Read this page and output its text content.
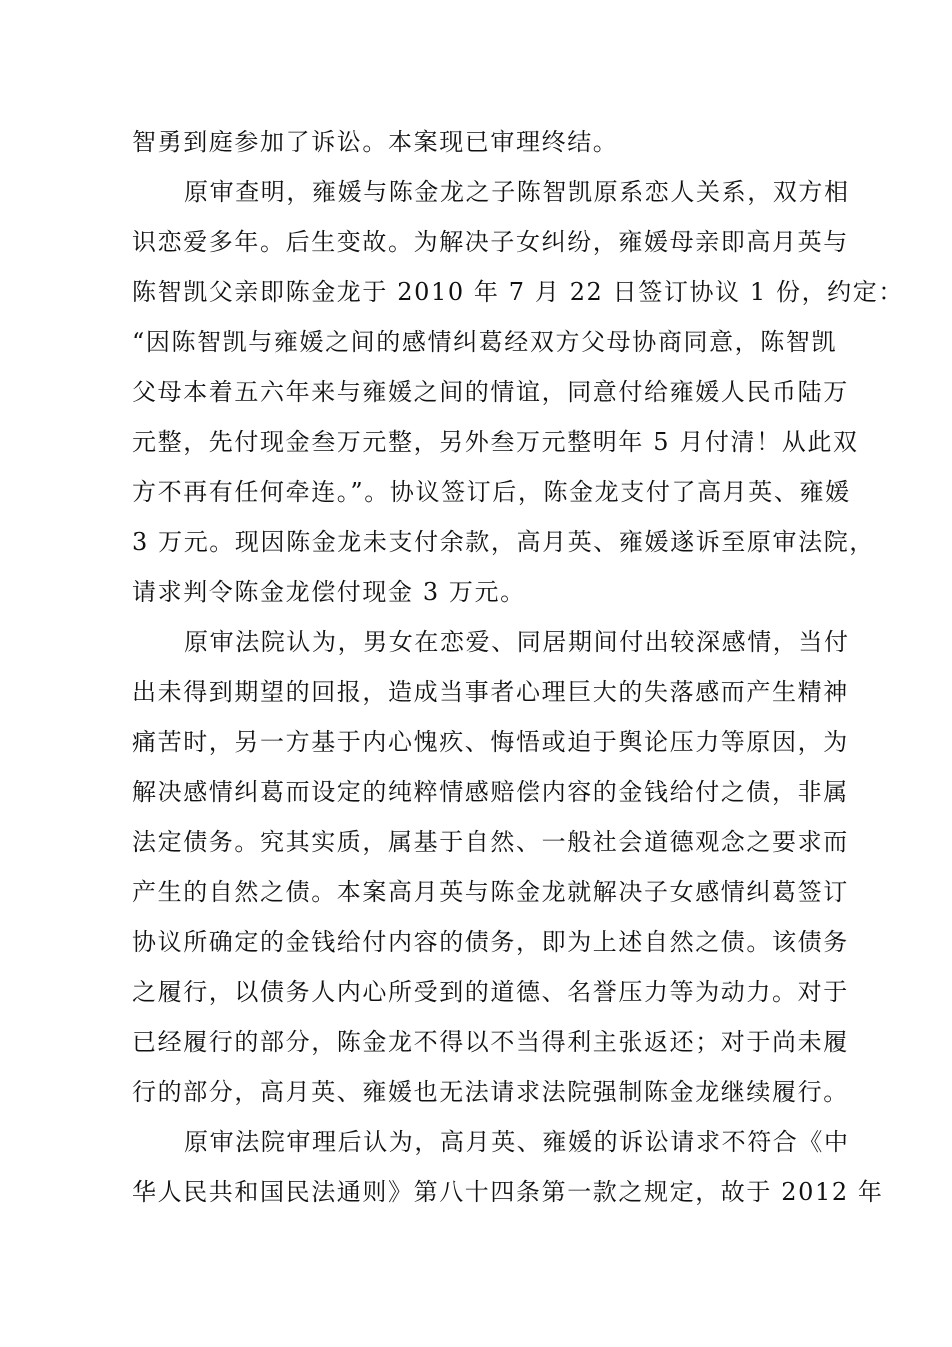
智勇到庭参加了诉讼。本案现已审理终结。
原审查明，雍媛与陈金龙之子陈智凯原系恋人关系，双方相
识恋爱多年。后生变故。为解决子女纠纷，雍媛母亲即高月英与
陈智凯父亲即陈金龙于 2010 年 7 月 22 日签订协议 1 份，约定：
“因陈智凯与雍媛之间的感情纠葛经双方父母协商同意，陈智凯
父母本着五六年来与雍媛之间的情谊，同意付给雍媛人民币陆万
元整，先付现金叁万元整，另外叁万元整明年 5 月付清！从此双
方不再有任何牵连。”。协议签订后，陈金龙支付了高月英、雍媛
3 万元。现因陈金龙未支付余款，高月英、雍媛遂诉至原审法院，
请求判令陈金龙偿付现金 3 万元。
原审法院认为，男女在恋爱、同居期间付出较深感情，当付
出未得到期望的回报，造成当事者心理巨大的失落感而产生精神
痛苦时，另一方基于内心愧疚、悔悟或迫于舆论压力等原因，为
解决感情纠葛而设定的纯粹情感赔偿内容的金钱给付之债，非属
法定债务。究其实质，属基于自然、一般社会道德观念之要求而
产生的自然之债。本案高月英与陈金龙就解决子女感情纠葛签订
协议所确定的金钱给付内容的债务，即为上述自然之债。该债务
之履行，以债务人内心所受到的道德、名誉压力等为动力。对于
已经履行的部分，陈金龙不得以不当得利主张返还；对于尚未履
行的部分，高月英、雍媛也无法请求法院强制陈金龙继续履行。
原审法院审理后认为，高月英、雍媛的诉讼请求不符合《中
华人民共和国民法通则》第八十四条第一款之规定，故于 2012 年
